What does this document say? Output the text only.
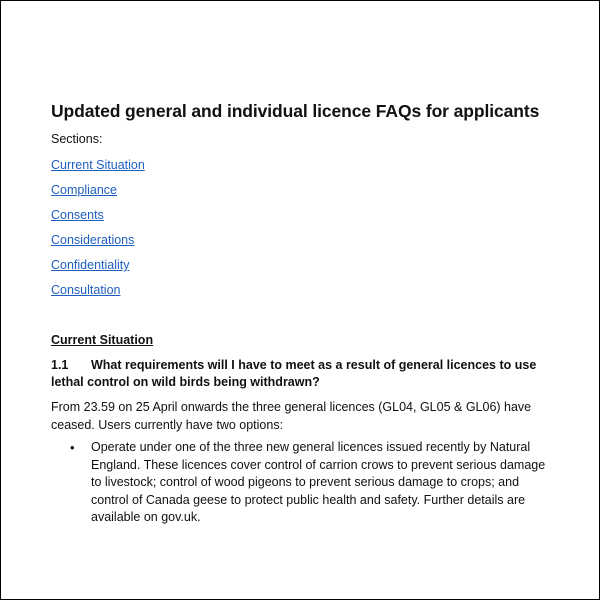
Updated general and individual licence FAQs for applicants
Sections:
Current Situation
Compliance
Consents
Considerations
Confidentiality
Consultation
Current Situation
1.1 What requirements will I have to meet as a result of general licences to use lethal control on wild birds being withdrawn?
From 23.59 on 25 April onwards the three general licences (GL04, GL05 & GL06) have ceased. Users currently have two options:
• Operate under one of the three new general licences issued recently by Natural England. These licences cover control of carrion crows to prevent serious damage to livestock; control of wood pigeons to prevent serious damage to crops; and control of Canada geese to protect public health and safety. Further details are available on gov.uk.
